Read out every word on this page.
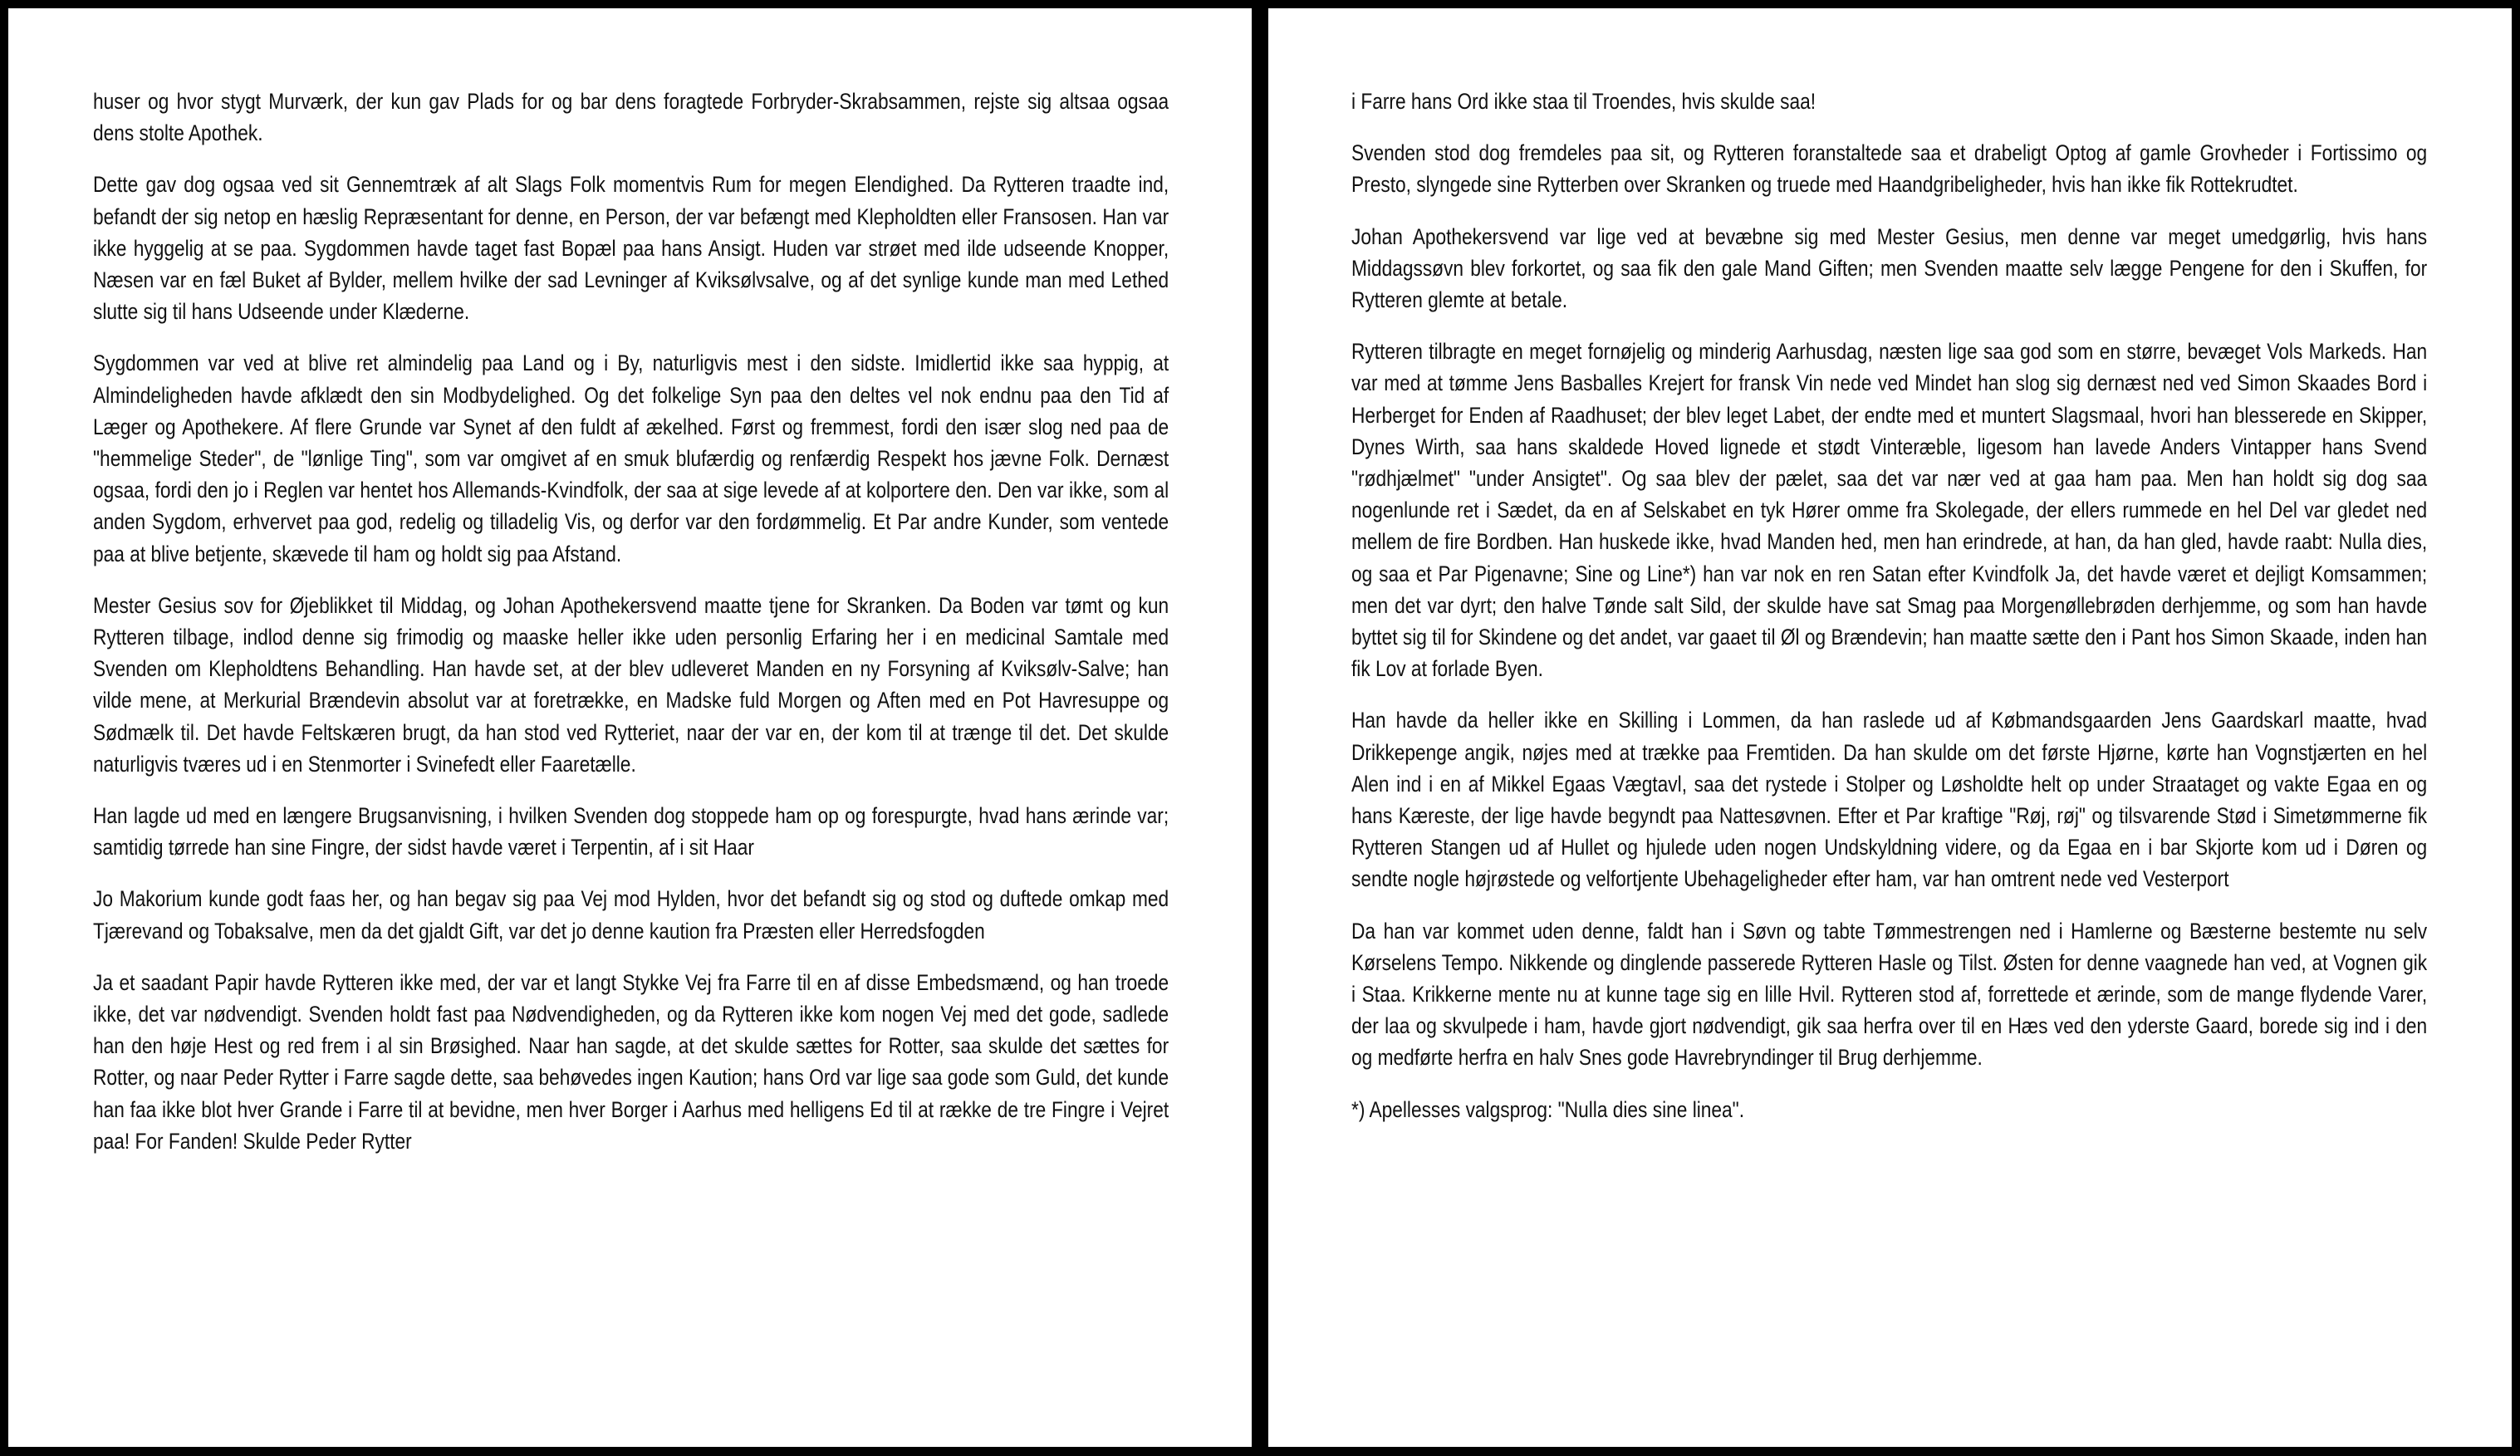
huser og hvor stygt Murværk, der kun gav Plads for og bar dens foragtede Forbryder-Skrabsammen, rejste sig altsaa ogsaa dens stolte Apothek.

Dette gav dog ogsaa ved sit Gennemtræk af alt Slags Folk momentvis Rum for megen Elendighed. Da Rytteren traadte ind, befandt der sig netop en hæslig Repræsentant for denne, en Person, der var befængt med Klepholdten eller Fransosen. Han var ikke hyggelig at se paa. Sygdommen havde taget fast Bopæl paa hans Ansigt. Huden var strøet med ilde udseende Knopper, Næsen var en fæl Buket af Bylder, mellem hvilke der sad Levninger af Kviksølvsalve, og af det synlige kunde man med Lethed slutte sig til hans Udseende under Klæderne.

Sygdommen var ved at blive ret almindelig paa Land og i By, naturligvis mest i den sidste. Imidlertid ikke saa hyppig, at Almindeligheden havde afklædt den sin Modbydelighed. Og det folkelige Syn paa den deltes vel nok endnu paa den Tid af Læger og Apothekere. Af flere Grunde var Synet af den fuldt af ækelhed. Først og fremmest, fordi den især slog ned paa de "hemmelige Steder", de "lønlige Ting", som var omgivet af en smuk blufærdig og renfærdig Respekt hos jævne Folk. Dernæst ogsaa, fordi den jo i Reglen var hentet hos Allemands-Kvindfolk, der saa at sige levede af at kolportere den. Den var ikke, som al anden Sygdom, erhvervet paa god, redelig og tilladelig Vis, og derfor var den fordømmelig. Et Par andre Kunder, som ventede paa at blive betjente, skævede til ham og holdt sig paa Afstand.

Mester Gesius sov for Øjeblikket til Middag, og Johan Apothekersvend maatte tjene for Skranken. Da Boden var tømt og kun Rytteren tilbage, indlod denne sig frimodig og maaske heller ikke uden personlig Erfaring her i en medicinal Samtale med Svenden om Klepholdtens Behandling. Han havde set, at der blev udleveret Manden en ny Forsyning af Kviksølv-Salve; han vilde mene, at Merkurial Brændevin absolut var at foretrække, en Madske fuld Morgen og Aften med en Pot Havresuppe og Sødmælk til. Det havde Feltskæren brugt, da han stod ved Rytteriet, naar der var en, der kom til at trænge til det. Det skulde naturligvis tværes ud i en Stenmorter i Svinefedt eller Faaretælle.

Han lagde ud med en længere Brugsanvisning, i hvilken Svenden dog stoppede ham op og forespurgte, hvad hans ærinde var; samtidig tørrede han sine Fingre, der sidst havde været i Terpentin, af i sit Haar

Jo Makorium kunde godt faas her, og han begav sig paa Vej mod Hylden, hvor det befandt sig og stod og duftede omkap med Tjærevand og Tobaksalve, men da det gjaldt Gift, var det jo denne kaution fra Præsten eller Herredsfogden

Ja et saadant Papir havde Rytteren ikke med, der var et langt Stykke Vej fra Farre til en af disse Embedsmænd, og han troede ikke, det var nødvendigt. Svenden holdt fast paa Nødvendigheden, og da Rytteren ikke kom nogen Vej med det gode, sadlede han den høje Hest og red frem i al sin Brøsighed. Naar han sagde, at det skulde sættes for Rotter, saa skulde det sættes for Rotter, og naar Peder Rytter i Farre sagde dette, saa behøvedes ingen Kaution; hans Ord var lige saa gode som Guld, det kunde han faa ikke blot hver Grande i Farre til at bevidne, men hver Borger i Aarhus med helligens Ed til at række de tre Fingre i Vejret paa! For Fanden! Skulde Peder Rytter

i Farre hans Ord ikke staa til Troendes, hvis skulde saa!

Svenden stod dog fremdeles paa sit, og Rytteren foranstaltede saa et drabeligt Optog af gamle Grovheder i Fortissimo og Presto, slyngede sine Rytterben over Skranken og truede med Haandgribeligheder, hvis han ikke fik Rottekrudtet.

Johan Apothekersvend var lige ved at bevæbne sig med Mester Gesius, men denne var meget umedgørlig, hvis hans Middagssøvn blev forkortet, og saa fik den gale Mand Giften; men Svenden maatte selv lægge Pengene for den i Skuffen, for Rytteren glemte at betale.

Rytteren tilbragte en meget fornøjelig og minderig Aarhusdag, næsten lige saa god som en større, bevæget Vols Markeds. Han var med at tømme Jens Basballes Krejert for fransk Vin nede ved Mindet han slog sig dernæst ned ved Simon Skaades Bord i Herberget for Enden af Raadhuset; der blev leget Labet, der endte med et muntert Slagsmaal, hvori han blesserede en Skipper, Dynes Wirth, saa hans skaldede Hoved lignede et stødt Vinteræble, ligesom han lavede Anders Vintapper hans Svend "rødhjælmet" "under Ansigtet". Og saa blev der pælet, saa det var nær ved at gaa ham paa. Men han holdt sig dog saa nogenlunde ret i Sædet, da en af Selskabet en tyk Hører omme fra Skolegade, der ellers rummede en hel Del var gledet ned mellem de fire Bordben. Han huskede ikke, hvad Manden hed, men han erindrede, at han, da han gled, havde raabt: Nulla dies, og saa et Par Pigenavne; Sine og Line*) han var nok en ren Satan efter Kvindfolk Ja, det havde været et dejligt Komsammen; men det var dyrt; den halve Tønde salt Sild, der skulde have sat Smag paa Morgenøllebrøden derhjemme, og som han havde byttet sig til for Skindene og det andet, var gaaet til Øl og Brændevin; han maatte sætte den i Pant hos Simon Skaade, inden han fik Lov at forlade Byen.

Han havde da heller ikke en Skilling i Lommen, da han raslede ud af Købmandsgaarden Jens Gaardskarl maatte, hvad Drikkepenge angik, nøjes med at trække paa Fremtiden. Da han skulde om det første Hjørne, kørte han Vognstjærten en hel Alen ind i en af Mikkel Egaas Vægtavl, saa det rystede i Stolper og Løsholdte helt op under Straataget og vakte Egaa en og hans Kæreste, der lige havde begyndt paa Nattesøvnen. Efter et Par kraftige "Røj, røj" og tilsvarende Stød i Simetømmerne fik Rytteren Stangen ud af Hullet og hjulede uden nogen Undskyldning videre, og da Egaa en i bar Skjorte kom ud i Døren og sendte nogle højrøstede og velfortjente Ubehageligheder efter ham, var han omtrent nede ved Vesterport

Da han var kommet uden denne, faldt han i Søvn og tabte Tømmestrengen ned i Hamlerne og Bæsterne bestemte nu selv Kørselens Tempo. Nikkende og dinglende passerede Rytteren Hasle og Tilst. Østen for denne vaagnede han ved, at Vognen gik i Staa. Krikkerne mente nu at kunne tage sig en lille Hvil. Rytteren stod af, forrettede et ærinde, som de mange flydende Varer, der laa og skvulpede i ham, havde gjort nødvendigt, gik saa herfra over til en Hæs ved den yderste Gaard, borede sig ind i den og medførte herfra en halv Snes gode Havrebryndinger til Brug derhjemme.

*) Apellesses valgsprog: "Nulla dies sine linea".
